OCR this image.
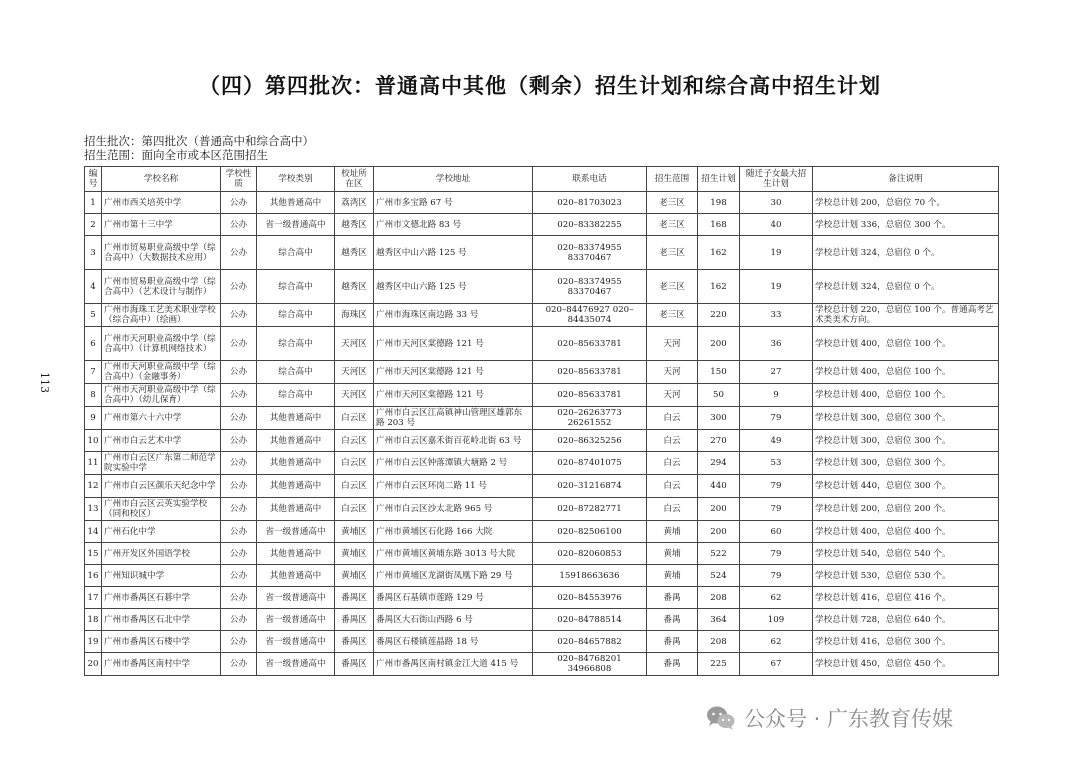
（四）第四批次：普通高中其他（剩余）招生计划和综合高中招生计划
招生批次：第四批次（普通高中和综合高中）
招生范围：面向全市或本区范围招生
113
编号	学校名称	学校性质	学校类别	校址所在区	学校地址	联系电话	招生范围	招生计划	随迁子女最大招生计划	备注说明
1	广州市西关培英中学	公办	其他普通高中	荔湾区	广州市多宝路 67 号	020–81703023	老三区	198	30	学校总计划 200，总宿位 70 个。
2	广州市第十三中学	公办	省一级普通高中	越秀区	广州市文德北路 83 号	020–83382255	老三区	168	40	学校总计划 336，总宿位 300 个。
3	广州市贸易职业高级中学（综合高中）（大数据技术应用）	公办	综合高中	越秀区	越秀区中山六路 125 号	020–83374955 83370467	老三区	162	19	学校总计划 324，总宿位 0 个。
4	广州市贸易职业高级中学（综合高中）（艺术设计与制作）	公办	综合高中	越秀区	越秀区中山六路 125 号	020–83374955 83370467	老三区	162	19	学校总计划 324，总宿位 0 个。
5	广州市海珠工艺美术职业学校（综合高中）（绘画）	公办	综合高中	海珠区	广州市海珠区南边路 33 号	020–84476927 020–84435074	老三区	220	33	学校总计划 220，总宿位 100 个。普通高考艺术类美术方向。
6	广州市天河职业高级中学（综合高中）（计算机网络技术）	公办	综合高中	天河区	广州市天河区棠德路 121 号	020–85633781	天河	200	36	学校总计划 400，总宿位 100 个。
7	广州市天河职业高级中学（综合高中）（金融事务）	公办	综合高中	天河区	广州市天河区棠德路 121 号	020–85633781	天河	150	27	学校总计划 400，总宿位 100 个。
8	广州市天河职业高级中学（综合高中）（幼儿保育）	公办	综合高中	天河区	广州市天河区棠德路 121 号	020–85633781	天河	50	9	学校总计划 400，总宿位 100 个。
9	广州市第六十六中学	公办	其他普通高中	白云区	广州市白云区江高镇神山管理区雄郭东路 203 号	020–26263773 26261552	白云	300	79	学校总计划 300，总宿位 300 个。
10	广州市白云艺术中学	公办	其他普通高中	白云区	广州市白云区嘉禾街百花岭北街 63 号	020–86325256	白云	270	49	学校总计划 300，总宿位 300 个。
11	广州市白云区广东第二师范学院实验中学	公办	其他普通高中	白云区	广州市白云区钟落潭镇大塘路 2 号	020–87401075	白云	294	53	学校总计划 300，总宿位 300 个。
12	广州市白云区颜乐天纪念中学	公办	其他普通高中	白云区	广州市白云区环岗二路 11 号	020–31216874	白云	440	79	学校总计划 440，总宿位 300 个。
13	广州市白云区云英实验学校（同和校区）	公办	其他普通高中	白云区	广州市白云区沙太北路 965 号	020–87282771	白云	200	79	学校总计划 200，总宿位 200 个。
14	广州石化中学	公办	省一级普通高中	黄埔区	广州市黄埔区石化路 166 大院	020–82506100	黄埔	200	60	学校总计划 400，总宿位 400 个。
15	广州开发区外国语学校	公办	其他普通高中	黄埔区	广州市黄埔区黄埔东路 3013 号大院	020–82060853	黄埔	522	79	学校总计划 540，总宿位 540 个。
16	广州知识城中学	公办	其他普通高中	黄埔区	广州市黄埔区龙湖街凤凰下路 29 号	15918663636	黄埔	524	79	学校总计划 530，总宿位 530 个。
17	广州市番禺区石碁中学	公办	省一级普通高中	番禺区	番禺区石基镇市莲路 129 号	020–84553976	番禺	208	62	学校总计划 416，总宿位 416 个。
18	广州市番禺区石北中学	公办	省一级普通高中	番禺区	番禺区大石街山西路 6 号	020–84788514	番禺	364	109	学校总计划 728，总宿位 640 个。
19	广州市番禺区石楼中学	公办	省一级普通高中	番禺区	番禺区石楼镇莲晶路 18 号	020–84657882	番禺	208	62	学校总计划 416，总宿位 300 个。
20	广州市番禺区南村中学	公办	省一级普通高中	番禺区	广州市番禺区南村镇金江大道 415 号	020–84768201 34966808	番禺	225	67	学校总计划 450，总宿位 450 个。
公众号 · 广东教育传媒
